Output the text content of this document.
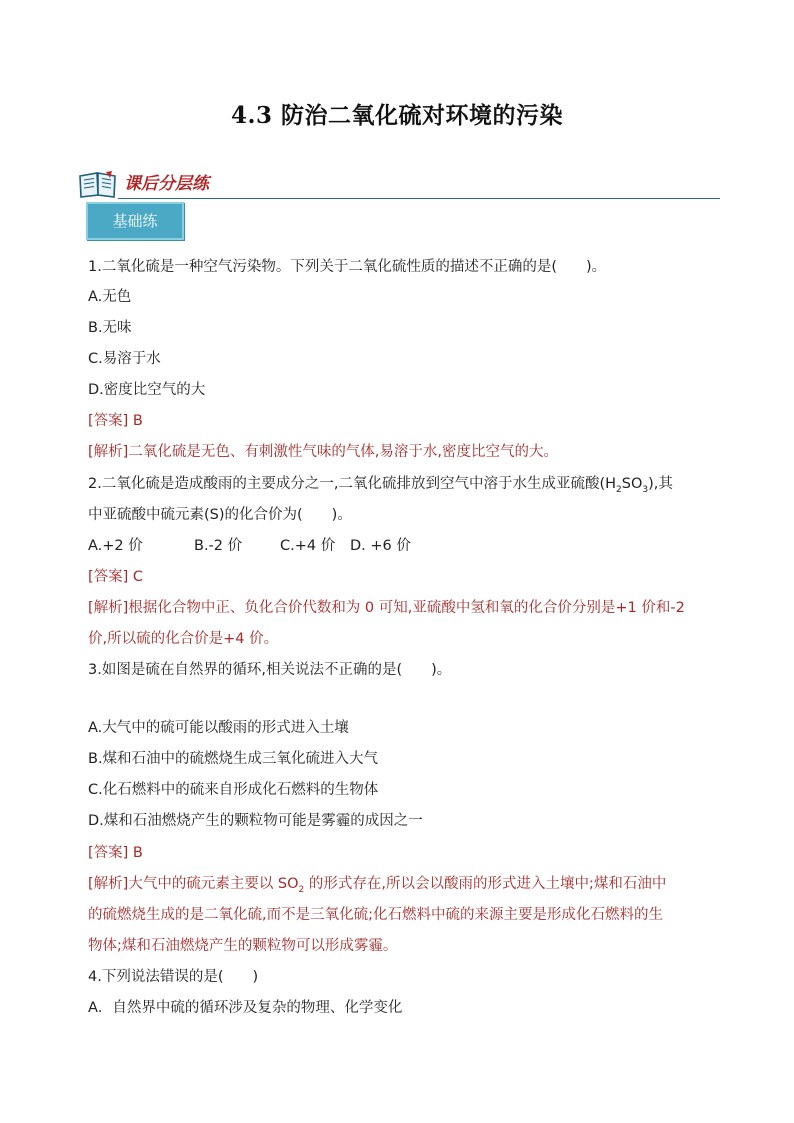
4.3 防治二氧化硫对环境的污染
课后分层练
基础练
1.二氧化硫是一种空气污染物。下列关于二氧化硫性质的描述不正确的是(　　)。
A.无色
B.无味
C.易溶于水
D.密度比空气的大
[答案] B
[解析]二氧化硫是无色、有刺激性气味的气体,易溶于水,密度比空气的大。
2.二氧化硫是造成酸雨的主要成分之一,二氧化硫排放到空气中溶于水生成亚硫酸$(H_2SO_3)$,其
中亚硫酸中硫元素(S)的化合价为(　　)。
A.+2 价	B.-2 价	C.+4 价 D. +6 价
[答案] C
[解析]根据化合物中正、负化合价代数和为 0 可知,亚硫酸中氢和氧的化合价分别是+1 价和-2
价,所以硫的化合价是+4 价。
3.如图是硫在自然界的循环,相关说法不正确的是(　　)。
A.大气中的硫可能以酸雨的形式进入土壤
B.煤和石油中的硫燃烧生成三氧化硫进入大气
C.化石燃料中的硫来自形成化石燃料的生物体
D.煤和石油燃烧产生的颗粒物可能是雾霾的成因之一
[答案] B
[解析]大气中的硫元素主要以 $SO_2$ 的形式存在,所以会以酸雨的形式进入土壤中;煤和石油中
的硫燃烧生成的是二氧化硫,而不是三氧化硫;化石燃料中硫的来源主要是形成化石燃料的生
物体;煤和石油燃烧产生的颗粒物可以形成雾霾。
4.下列说法错误的是(　　)
A．自然界中硫的循环涉及复杂的物理、化学变化
